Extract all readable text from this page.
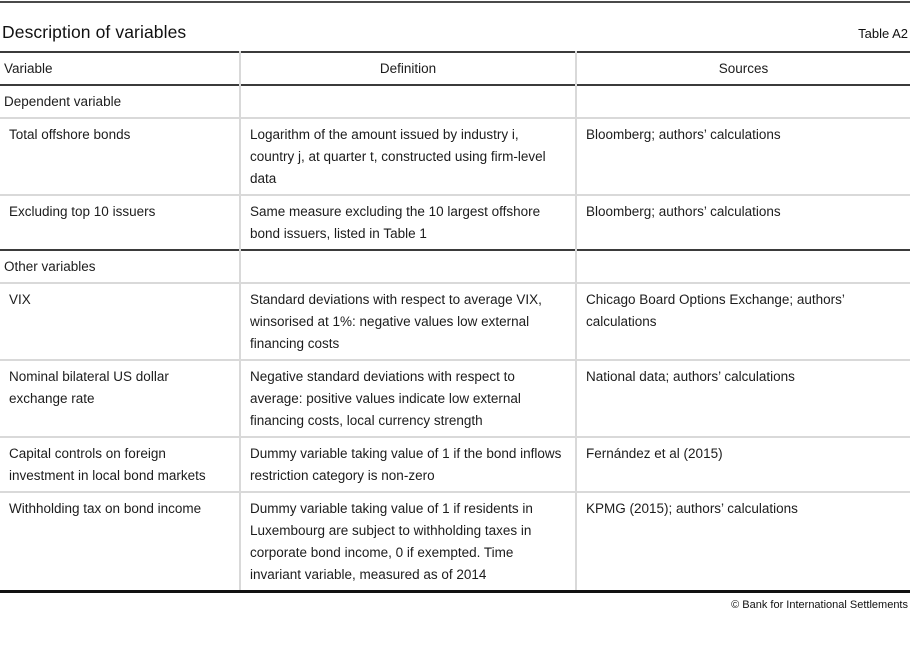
Description of variables	Table A2
Variable	Definition	Sources
Dependent variable		
Total offshore bonds	Logarithm of the amount issued by industry i, country j, at quarter t, constructed using firm-level data	Bloomberg; authors’ calculations
Excluding top 10 issuers	Same measure excluding the 10 largest offshore bond issuers, listed in Table 1	Bloomberg; authors’ calculations
Other variables		
VIX	Standard deviations with respect to average VIX, winsorised at 1%: negative values low external financing costs	Chicago Board Options Exchange; authors’ calculations
Nominal bilateral US dollar exchange rate	Negative standard deviations with respect to average: positive values indicate low external financing costs, local currency strength	National data; authors’ calculations
Capital controls on foreign investment in local bond markets	Dummy variable taking value of 1 if the bond inflows restriction category is non-zero	Fernández et al (2015)
Withholding tax on bond income	Dummy variable taking value of 1 if residents in Luxembourg are subject to withholding taxes in corporate bond income, 0 if exempted. Time invariant variable, measured as of 2014	KPMG (2015); authors’ calculations
© Bank for International Settlements
